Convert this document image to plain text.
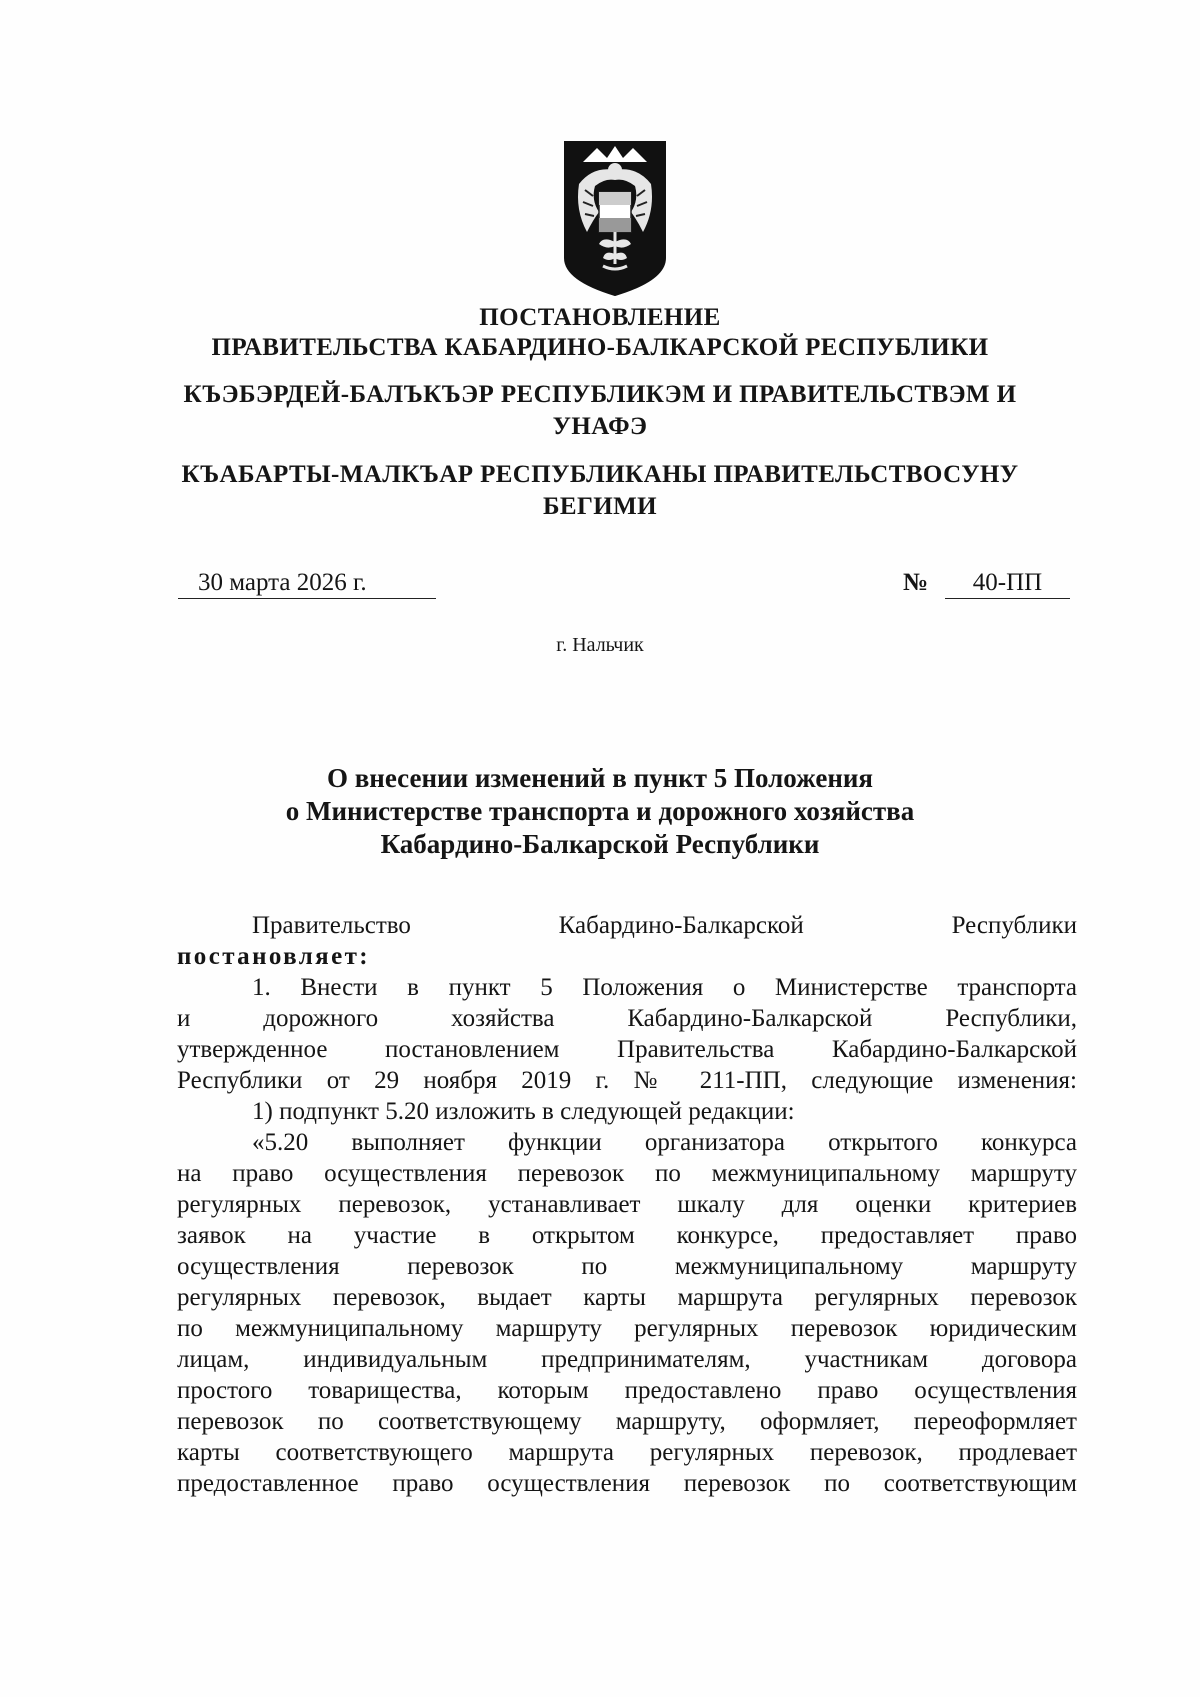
ПОСТАНОВЛЕНИЕ
ПРАВИТЕЛЬСТВА КАБАРДИНО-БАЛКАРСКОЙ РЕСПУБЛИКИ
КЪЭБЭРДЕЙ-БАЛЪКЪЭР РЕСПУБЛИКЭМ И ПРАВИТЕЛЬСТВЭМ И
УНАФЭ
КЪАБАРТЫ-МАЛКЪАР РЕСПУБЛИКАНЫ ПРАВИТЕЛЬСТВОСУНУ
БЕГИМИ
30 марта 2026 г.	№	40-ПП
г. Нальчик
О внесении изменений в пункт 5 Положения
о Министерстве транспорта и дорожного хозяйства
Кабардино-Балкарской Республики
Правительство Кабардино-Балкарской Республики
постановляет:
1. Внести в пункт 5 Положения о Министерстве транспорта
и дорожного хозяйства Кабардино-Балкарской Республики,
утвержденное постановлением Правительства Кабардино-Балкарской
Республики от 29 ноября 2019 г. № 211-ПП, следующие изменения:
1) подпункт 5.20 изложить в следующей редакции:
«5.20 выполняет функции организатора открытого конкурса
на право осуществления перевозок по межмуниципальному маршруту
регулярных перевозок, устанавливает шкалу для оценки критериев
заявок на участие в открытом конкурсе, предоставляет право
осуществления перевозок по межмуниципальному маршруту
регулярных перевозок, выдает карты маршрута регулярных перевозок
по межмуниципальному маршруту регулярных перевозок юридическим
лицам, индивидуальным предпринимателям, участникам договора
простого товарищества, которым предоставлено право осуществления
перевозок по соответствующему маршруту, оформляет, переоформляет
карты соответствующего маршрута регулярных перевозок, продлевает
предоставленное право осуществления перевозок по соответствующим
